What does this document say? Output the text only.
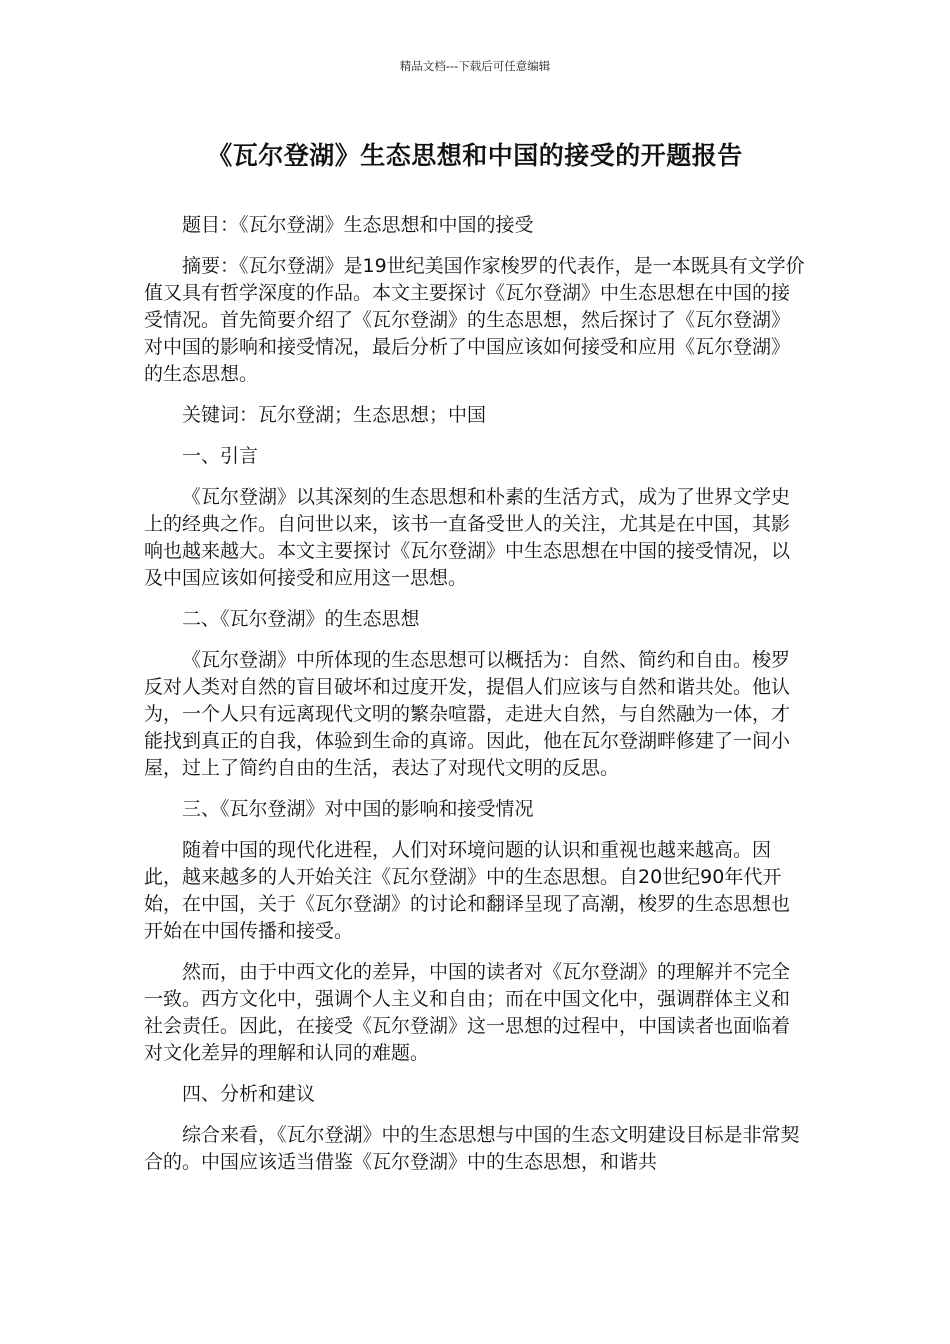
精品文档---下载后可任意编辑
《瓦尔登湖》生态思想和中国的接受的开题报告

题目：《瓦尔登湖》生态思想和中国的接受

摘要：《瓦尔登湖》是19世纪美国作家梭罗的代表作，是一本既具有文学价值又具有哲学深度的作品。本文主要探讨《瓦尔登湖》中生态思想在中国的接受情况。首先简要介绍了《瓦尔登湖》的生态思想，然后探讨了《瓦尔登湖》对中国的影响和接受情况，最后分析了中国应该如何接受和应用《瓦尔登湖》的生态思想。

关键词：瓦尔登湖；生态思想；中国

一、引言

《瓦尔登湖》以其深刻的生态思想和朴素的生活方式，成为了世界文学史上的经典之作。自问世以来，该书一直备受世人的关注，尤其是在中国，其影响也越来越大。本文主要探讨《瓦尔登湖》中生态思想在中国的接受情况，以及中国应该如何接受和应用这一思想。

二、《瓦尔登湖》的生态思想

《瓦尔登湖》中所体现的生态思想可以概括为：自然、简约和自由。梭罗反对人类对自然的盲目破坏和过度开发，提倡人们应该与自然和谐共处。他认为，一个人只有远离现代文明的繁杂喧嚣，走进大自然，与自然融为一体，才能找到真正的自我，体验到生命的真谛。因此，他在瓦尔登湖畔修建了一间小屋，过上了简约自由的生活，表达了对现代文明的反思。

三、《瓦尔登湖》对中国的影响和接受情况

随着中国的现代化进程，人们对环境问题的认识和重视也越来越高。因此，越来越多的人开始关注《瓦尔登湖》中的生态思想。自20世纪90年代开始，在中国，关于《瓦尔登湖》的讨论和翻译呈现了高潮，梭罗的生态思想也开始在中国传播和接受。

然而，由于中西文化的差异，中国的读者对《瓦尔登湖》的理解并不完全一致。西方文化中，强调个人主义和自由；而在中国文化中，强调群体主义和社会责任。因此，在接受《瓦尔登湖》这一思想的过程中，中国读者也面临着对文化差异的理解和认同的难题。

四、分析和建议

综合来看，《瓦尔登湖》中的生态思想与中国的生态文明建设目标是非常契合的。中国应该适当借鉴《瓦尔登湖》中的生态思想，和谐共
